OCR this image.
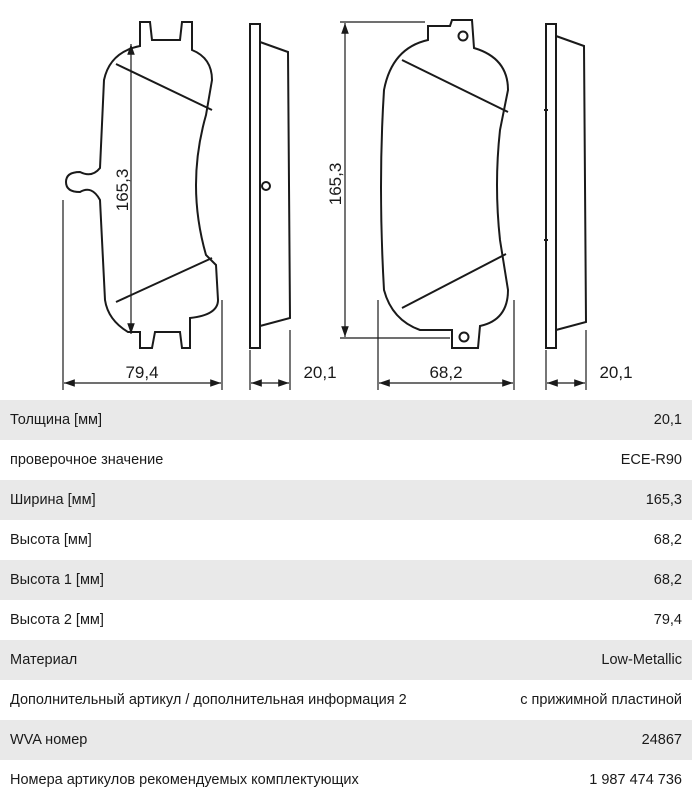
165,3
79,4	20,1
165,3
68,2	20,1
Толщина [мм]	20,1
проверочное значение	ECE-R90
Ширина [мм]	165,3
Высота [мм]	68,2
Высота 1 [мм]	68,2
Высота 2 [мм]	79,4
Материал	Low-Metallic
Дополнительный артикул / дополнительная информация 2	с прижимной пластиной
WVA номер	24867
Номера артикулов рекомендуемых комплектующих	1 987 474 736
